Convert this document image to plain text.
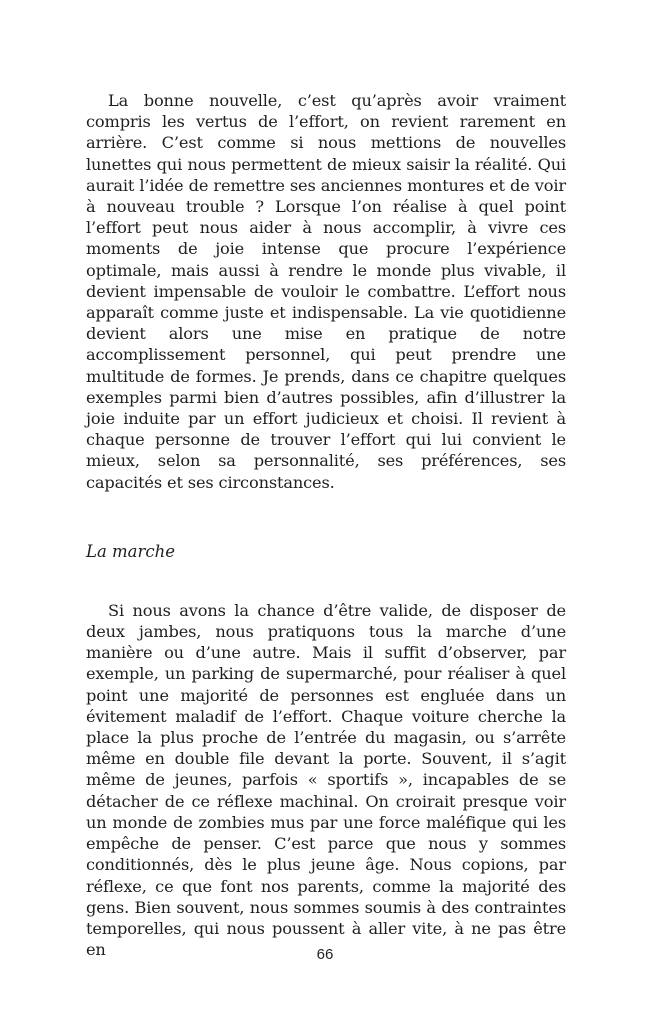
La bonne nouvelle, c’est qu’après avoir vraiment compris les vertus de l’effort, on revient rarement en arrière. C’est comme si nous mettions de nouvelles lunettes qui nous permettent de mieux saisir la réalité. Qui aurait l’idée de remettre ses anciennes montures et de voir à nouveau trouble ? Lorsque l’on réalise à quel point l’effort peut nous aider à nous accomplir, à vivre ces moments de joie intense que procure l’expérience optimale, mais aussi à rendre le monde plus vivable, il devient impensable de vouloir le combattre. L’effort nous apparaît comme juste et indispensable. La vie quotidienne devient alors une mise en pratique de notre accomplissement personnel, qui peut prendre une multitude de formes. Je prends, dans ce chapitre quelques exemples parmi bien d’autres possibles, afin d’illustrer la joie induite par un effort judicieux et choisi. Il revient à chaque personne de trouver l’effort qui lui convient le mieux, selon sa personnalité, ses préférences, ses capacités et ses circonstances.

La marche

Si nous avons la chance d’être valide, de disposer de deux jambes, nous pratiquons tous la marche d’une manière ou d’une autre. Mais il suffit d’observer, par exemple, un parking de supermarché, pour réaliser à quel point une majorité de personnes est engluée dans un évitement maladif de l’effort. Chaque voiture cherche la place la plus proche de l’entrée du magasin, ou s’arrête même en double file devant la porte. Souvent, il s’agit même de jeunes, parfois « sportifs », incapables de se détacher de ce réflexe machinal. On croirait presque voir un monde de zombies mus par une force maléfique qui les empêche de penser. C’est parce que nous y sommes conditionnés, dès le plus jeune âge. Nous copions, par réflexe, ce que font nos parents, comme la majorité des gens. Bien souvent, nous sommes soumis à des contraintes temporelles, qui nous poussent à aller vite, à ne pas être en	66
